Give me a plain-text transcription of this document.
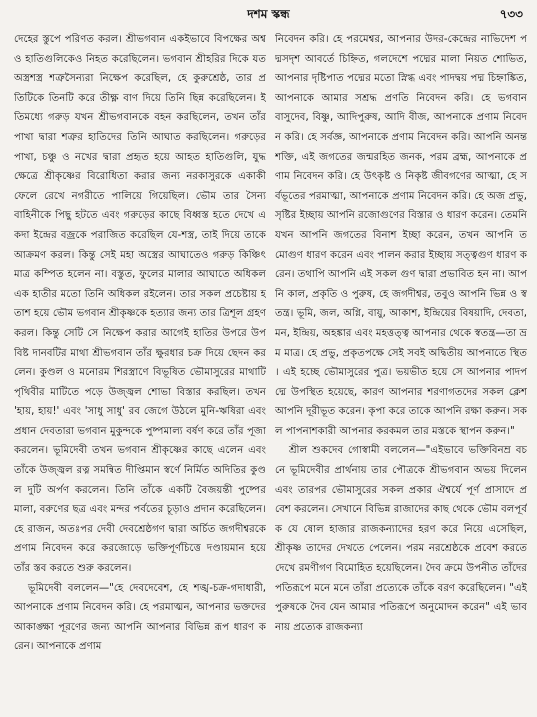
দশম স্কন্ধ	৭৩৩

দেহের স্তুপে পরিণত করল। শ্রীভগবান একইভাবে বিপক্ষের অশ্ব ও হাতিগুলিকেও নিহত করেছিলেন। ভগবান শ্রীহরির দিকে যত অস্ত্রশস্ত্র শত্রুসৈন্যরা নিক্ষেপ করেছিল, হে কুরুশ্রেষ্ঠ, তার প্রতিটিকে তিনটি করে তীক্ষ্ণ বাণ দিয়ে তিনি ছিন্ন করেছিলেন। ইতিমধ্যে গরুড় যখন শ্রীভগবানকে বহন করছিলেন, তখন তাঁর পাখা দ্বারা শত্রুর হাতিদের তিনি আঘাত করছিলেন। গরুড়ের পাখা, চঞ্চু ও নখের দ্বারা প্রহৃত হয়ে আহত হাতিগুলি, যুদ্ধক্ষেত্রে শ্রীকৃষ্ণের বিরোধিতা করার জন্য নরকাসুরকে একাকী ফেলে রেখে নগরীতে পালিয়ে গিয়েছিল। ভৌম তার সৈন্যবাহিনীকে পিছু হটতে এবং গরুড়ের কাছে বিধ্বস্ত হতে দেখে একদা ইন্দ্রের বজ্রকে পরাজিত করেছিল যে-শস্ত্র, তাই দিয়ে তাকে আক্রমণ করল। কিন্তু সেই মহা অস্ত্রের আঘাতেও গরুড় কিঞ্চিৎমাত্র কম্পিত হলেন না। বস্তুত, ফুলের মালার আঘাতে অধিকল এক হাতীর মতো তিনি অধিকল রইলেন। তার সকল প্রচেষ্টায় হতাশ হয়ে ভৌম ভগবান শ্রীকৃষ্ণকে হত্যার জন্য তার ত্রিশূল গ্রহণ করল। কিন্তু সেটি সে নিক্ষেপ করার আগেই হাতির উপরে উপবিষ্ট দানবটির মাথা শ্রীভগবান তাঁর ক্ষুরধার চক্র দিয়ে ছেদন করলেন। কুণ্ডল ও মনোরম শিরস্ত্রাণে বিভূষিত ভৌমাসুরের মাথাটি পৃথিবীর মাটিতে পড়ে উজ্জ্বল শোভা বিস্তার করছিল। তখন 'হায়, হায়!' এবং 'সাধু সাধু' রব জেগে উঠলে মুনি-ঋষিরা এবং প্রধান দেবতারা ভগবান মুকুন্দকে পুষ্পমাল্য বর্ষণ করে তাঁর পূজা করলেন। ভূমিদেবী তখন ভগবান শ্রীকৃষ্ণের কাছে এলেন এবং তাঁকে উজ্জ্বল রত্ন সমন্বিত দীপ্তিমান স্বর্ণে নির্মিত অদিতির কুণ্ডল দুটি অর্পণ করলেন। তিনি তাঁকে একটি বৈজয়ন্তী পুষ্পের মালা, বরুণের ছত্র এবং মন্দর পর্বতের চূড়াও প্রদান করেছিলেন। হে রাজন, অতঃপর দেবী দেবশ্রেষ্ঠগণ দ্বারা অর্চিত জগদীশ্বরকে প্রণাম নিবেদন করে করজোড়ে ভক্তিপূর্ণচিত্তে দণ্ডায়মান হয়ে তাঁর স্তব করতে শুরু করলেন।

ভূমিদেবী বললেন—"হে দেবদেবেশ, হে শঙ্খ-চক্র-গদাধারী, আপনাকে প্রণাম নিবেদন করি। হে পরমাত্মন, আপনার ভক্তদের আকাঙ্ক্ষা পূরণের জন্য আপনি আপনার বিভিন্ন রূপ ধারণ করেন। আপনাকে প্রণাম

নিবেদন করি। হে পরমেশ্বর, আপনার উদর-কেন্দ্রের নাভিদেশ পদ্মসদৃশ আবর্তে চিহ্নিত, গলদেশে পদ্মের মালা নিয়ত শোভিত, আপনার দৃষ্টিপাত পদ্মের মতো স্নিগ্ধ এবং পাদদ্বয় পদ্ম চিহ্নাঙ্কিত, আপনাকে আমার সশ্রদ্ধ প্রণতি নিবেদন করি। হে ভগবান বাসুদেব, বিষ্ণু, আদিপুরুষ, আদি বীজ, আপনাকে প্রণাম নিবেদন করি। হে সর্বজ্ঞ, আপনাকে প্রণাম নিবেদন করি। আপনি অনন্তশক্তি, এই জগতের জন্মরহিত জনক, পরম ব্রহ্ম, আপনাকে প্রণাম নিবেদন করি। হে উৎকৃষ্ট ও নিকৃষ্ট জীবগণের আত্মা, হে সর্বভূতের পরমাত্মা, আপনাকে প্রণাম নিবেদন করি। হে অজ প্রভু, সৃষ্টির ইচ্ছায় আপনি রজোগুণের বিস্তার ও ধারণ করেন। তেমনি যখন আপনি জগতের বিনাশ ইচ্ছা করেন, তখন আপনি তমোগুণ ধারণ করেন এবং পালন করার ইচ্ছায় সত্ত্বগুণ ধারণ করেন। তথাপি আপনি এই সকল গুণ দ্বারা প্রভাবিত হন না। আপনি কাল, প্রকৃতি ও পুরুষ, হে জগদীশ্বর, তবুও আপনি ভিন্ন ও স্বতন্ত্র। ভূমি, জল, অগ্নি, বায়ু, আকাশ, ইন্দ্রিয়ের বিষয়াদি, দেবতা, মন, ইন্দ্রিয়, অহঙ্কার এবং মহত্তত্ত্ব আপনার থেকে স্বতন্ত্র—তা ভ্রম মাত্র। হে প্রভু, প্রকৃতপক্ষে সেই সবই অদ্বিতীয় আপনাতে স্থিত। এই হচ্ছে ভৌমাসুরের পুত্র। ভয়ভীত হয়ে সে আপনার পাদপদ্মে উপস্থিত হয়েছে, কারণ আপনার শরণাগতদের সকল ক্লেশ আপনি দূরীভূত করেন। কৃপা করে তাকে আপনি রক্ষা করুন। সকল পাপনাশকারী আপনার করকমল তার মস্তকে স্থাপন করুন।"

শ্রীল শুকদেব গোস্বামী বললেন—"এইভাবে ভক্তিবিনম্র বচনে ভূমিদেবীর প্রার্থনায় তার পৌত্রকে শ্রীভগবান অভয় দিলেন এবং তারপর ভৌমাসুরের সকল প্রকার ঐশ্বর্যে পূর্ণ প্রাসাদে প্রবেশ করলেন। সেখানে বিভিন্ন রাজাদের কাছ থেকে ভৌম বলপূর্বক যে ষোল হাজার রাজকন্যাদের হরণ করে নিয়ে এসেছিল, শ্রীকৃষ্ণ তাদের দেখতে পেলেন। পরম নরশ্রেষ্ঠকে প্রবেশ করতে দেখে রমণীগণ বিমোহিত হয়েছিলেন। দৈব ক্রমে উপনীত তাঁদের পতিরূপে মনে মনে তাঁরা প্রত্যেকে তাঁকে বরণ করেছিলেন। "এই পুরুষকে দৈব যেন আমার পতিরূপে অনুমোদন করেন" এই ভাবনায় প্রত্যেক রাজকন্যা
